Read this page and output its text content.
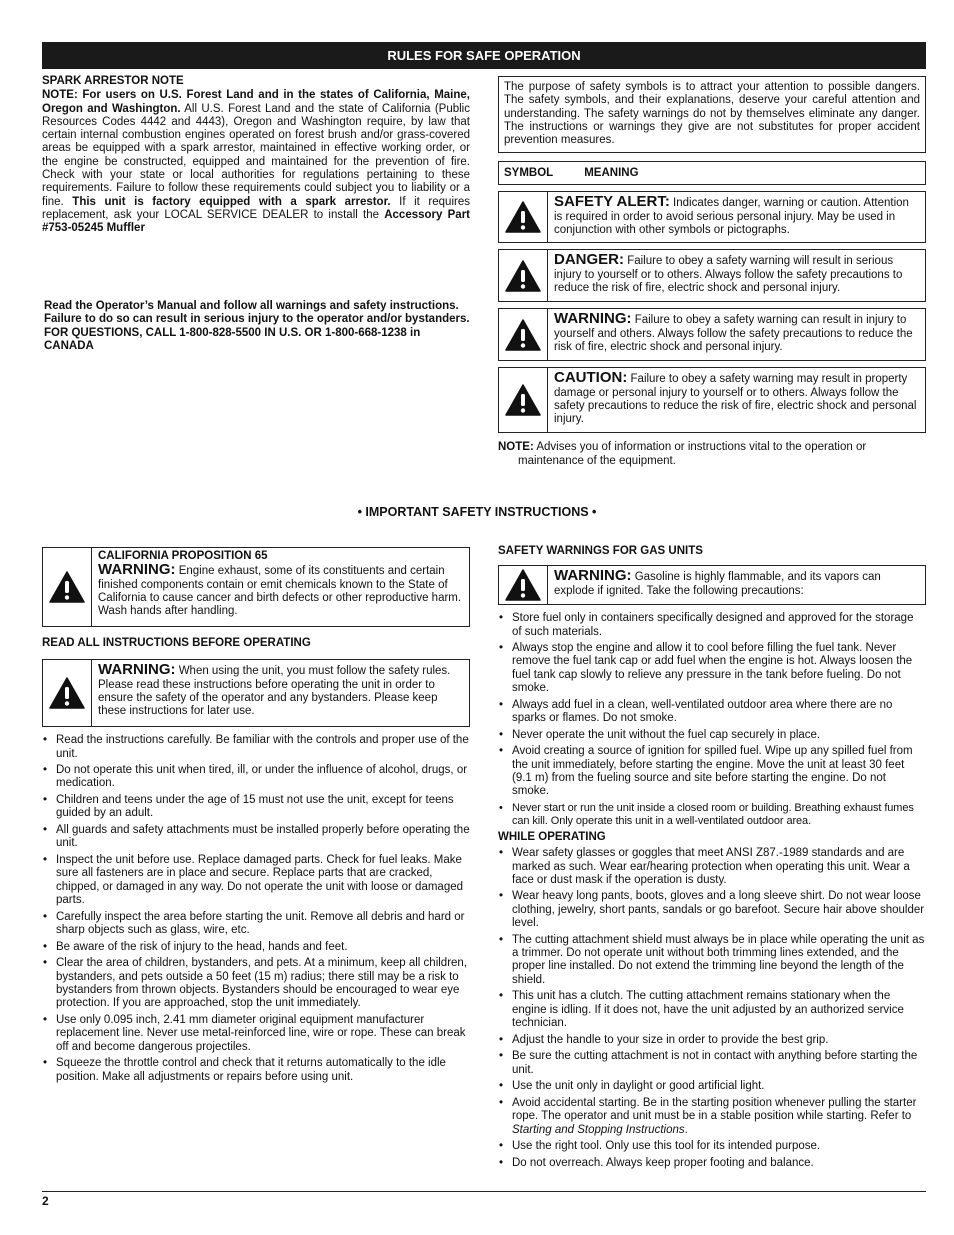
RULES FOR SAFE OPERATION
SPARK ARRESTOR NOTE
NOTE: For users on U.S. Forest Land and in the states of California, Maine, Oregon and Washington. All U.S. Forest Land and the state of California (Public Resources Codes 4442 and 4443), Oregon and Washington require, by law that certain internal combustion engines operated on forest brush and/or grass-covered areas be equipped with a spark arrestor, maintained in effective working order, or the engine be constructed, equipped and maintained for the prevention of fire. Check with your state or local authorities for regulations pertaining to these requirements. Failure to follow these requirements could subject you to liability or a fine. This unit is factory equipped with a spark arrestor. If it requires replacement, ask your LOCAL SERVICE DEALER to install the Accessory Part #753-05245 Muffler
Read the Operator’s Manual and follow all warnings and safety instructions. Failure to do so can result in serious injury to the operator and/or bystanders. FOR QUESTIONS, CALL 1-800-828-5500 IN U.S. OR 1-800-668-1238 in CANADA
The purpose of safety symbols is to attract your attention to possible dangers. The safety symbols, and their explanations, deserve your careful attention and understanding. The safety warnings do not by themselves eliminate any danger. The instructions or warnings they give are not substitutes for proper accident prevention measures.
SYMBOL	MEANING
SAFETY ALERT: Indicates danger, warning or caution. Attention is required in order to avoid serious personal injury. May be used in conjunction with other symbols or pictographs.
DANGER: Failure to obey a safety warning will result in serious injury to yourself or to others. Always follow the safety precautions to reduce the risk of fire, electric shock and personal injury.
WARNING: Failure to obey a safety warning can result in injury to yourself and others. Always follow the safety precautions to reduce the risk of fire, electric shock and personal injury.
CAUTION: Failure to obey a safety warning may result in property damage or personal injury to yourself or to others. Always follow the safety precautions to reduce the risk of fire, electric shock and personal injury.
NOTE: Advises you of information or instructions vital to the operation or maintenance of the equipment.
• IMPORTANT SAFETY INSTRUCTIONS •
CALIFORNIA PROPOSITION 65
WARNING: Engine exhaust, some of its constituents and certain finished components contain or emit chemicals known to the State of California to cause cancer and birth defects or other reproductive harm. Wash hands after handling.
READ ALL INSTRUCTIONS BEFORE OPERATING
WARNING: When using the unit, you must follow the safety rules. Please read these instructions before operating the unit in order to ensure the safety of the operator and any bystanders. Please keep these instructions for later use.
• Read the instructions carefully. Be familiar with the controls and proper use of the unit.
• Do not operate this unit when tired, ill, or under the influence of alcohol, drugs, or medication.
• Children and teens under the age of 15 must not use the unit, except for teens guided by an adult.
• All guards and safety attachments must be installed properly before operating the unit.
• Inspect the unit before use. Replace damaged parts. Check for fuel leaks. Make sure all fasteners are in place and secure. Replace parts that are cracked, chipped, or damaged in any way. Do not operate the unit with loose or damaged parts.
• Carefully inspect the area before starting the unit. Remove all debris and hard or sharp objects such as glass, wire, etc.
• Be aware of the risk of injury to the head, hands and feet.
• Clear the area of children, bystanders, and pets. At a minimum, keep all children, bystanders, and pets outside a 50 feet (15 m) radius; there still may be a risk to bystanders from thrown objects. Bystanders should be encouraged to wear eye protection. If you are approached, stop the unit immediately.
• Use only 0.095 inch, 2.41 mm diameter original equipment manufacturer replacement line. Never use metal-reinforced line, wire or rope. These can break off and become dangerous projectiles.
• Squeeze the throttle control and check that it returns automatically to the idle position. Make all adjustments or repairs before using unit.
SAFETY WARNINGS FOR GAS UNITS
WARNING: Gasoline is highly flammable, and its vapors can explode if ignited. Take the following precautions:
• Store fuel only in containers specifically designed and approved for the storage of such materials.
• Always stop the engine and allow it to cool before filling the fuel tank. Never remove the fuel tank cap or add fuel when the engine is hot. Always loosen the fuel tank cap slowly to relieve any pressure in the tank before fueling. Do not smoke.
• Always add fuel in a clean, well-ventilated outdoor area where there are no sparks or flames. Do not smoke.
• Never operate the unit without the fuel cap securely in place.
• Avoid creating a source of ignition for spilled fuel. Wipe up any spilled fuel from the unit immediately, before starting the engine. Move the unit at least 30 feet (9.1 m) from the fueling source and site before starting the engine. Do not smoke.
• Never start or run the unit inside a closed room or building. Breathing exhaust fumes can kill. Only operate this unit in a well-ventilated outdoor area.
WHILE OPERATING
• Wear safety glasses or goggles that meet ANSI Z87.-1989 standards and are marked as such. Wear ear/hearing protection when operating this unit. Wear a face or dust mask if the operation is dusty.
• Wear heavy long pants, boots, gloves and a long sleeve shirt. Do not wear loose clothing, jewelry, short pants, sandals or go barefoot. Secure hair above shoulder level.
• The cutting attachment shield must always be in place while operating the unit as a trimmer. Do not operate unit without both trimming lines extended, and the proper line installed. Do not extend the trimming line beyond the length of the shield.
• This unit has a clutch. The cutting attachment remains stationary when the engine is idling. If it does not, have the unit adjusted by an authorized service technician.
• Adjust the handle to your size in order to provide the best grip.
• Be sure the cutting attachment is not in contact with anything before starting the unit.
• Use the unit only in daylight or good artificial light.
• Avoid accidental starting. Be in the starting position whenever pulling the starter rope. The operator and unit must be in a stable position while starting. Refer to Starting and Stopping Instructions.
• Use the right tool. Only use this tool for its intended purpose.
• Do not overreach. Always keep proper footing and balance.
2
